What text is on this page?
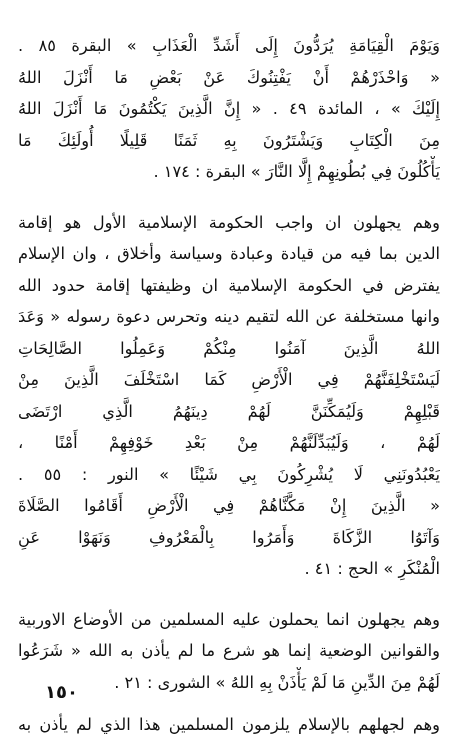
وَيَوْمَ الْقِيَامَةِ يُرَدُّونَ إِلَى أَشَدِّ الْعَذَابِ » البقرة ٨٥ .
« وَاحْذَرْهُمْ أَنْ يَفْتِنُوكَ عَنْ بَعْضِ مَا أَنْزَلَ اللهُ
إِلَيْكَ » ، المائدة ٤٩ . « إِنَّ الَّذِينَ يَكْتُمُونَ مَا أَنْزَلَ اللهُ
مِنَ الْكِتَابِ وَيَشْتَرُونَ بِهِ ثَمَنًا قَلِيلًا أُولَئِكَ مَا
يَأْكُلُونَ فِي بُطُونِهِمْ إِلَّا النَّارَ » البقرة : ١٧٤ .
وهم يجهلون ان واجب الحكومة الإسلامية الأول هو إقامة
الدين بما فيه من قيادة وعبادة وسياسة وأخلاق ، وان الإسلام
يفترض في الحكومة الإسلامية ان وظيفتها إقامة حدود الله
وانها مستخلفة عن الله لتقيم دينه وتحرس دعوة رسوله « وَعَدَ
اللهُ الَّذِينَ آمَنُوا مِنْكُمْ وَعَمِلُوا الصَّالِحَاتِ
لَيَسْتَخْلِفَنَّهُمْ فِي الْأَرْضِ كَمَا اسْتَخْلَفَ الَّذِينَ مِنْ
قَبْلِهِمْ وَلَيُمَكِّنَنَّ لَهُمْ دِينَهُمُ الَّذِي ارْتَضَى
لَهُمْ ، وَلَيُبَدِّلَنَّهُمْ مِنْ بَعْدِ خَوْفِهِمْ أَمْنًا ،
يَعْبُدُونَنِي لَا يُشْرِكُونَ بِي شَيْئًا » النور : ٥٥ .
« الَّذِينَ إِنْ مَكَّنَّاهُمْ فِي الْأَرْضِ أَقَامُوا الصَّلَاةَ
وَآتَوُا الزَّكَاةَ وَأَمَرُوا بِالْمَعْرُوفِ وَنَهَوْا عَنِ
الْمُنْكَرِ » الحج : ٤١ .
وهم يجهلون انما يحملون عليه المسلمين من الأوضاع الاوربية
والقوانين الوضعية إنما هو شرع ما لم يأذن به الله « شَرَعُوا
لَهُمْ مِنَ الدِّينِ مَا لَمْ يَأْذَنْ بِهِ اللهُ » الشورى : ٢١ .
وهم لجهلهم بالإسلام يلزمون المسلمين هذا الذي لم يأذن به
١٥٠
